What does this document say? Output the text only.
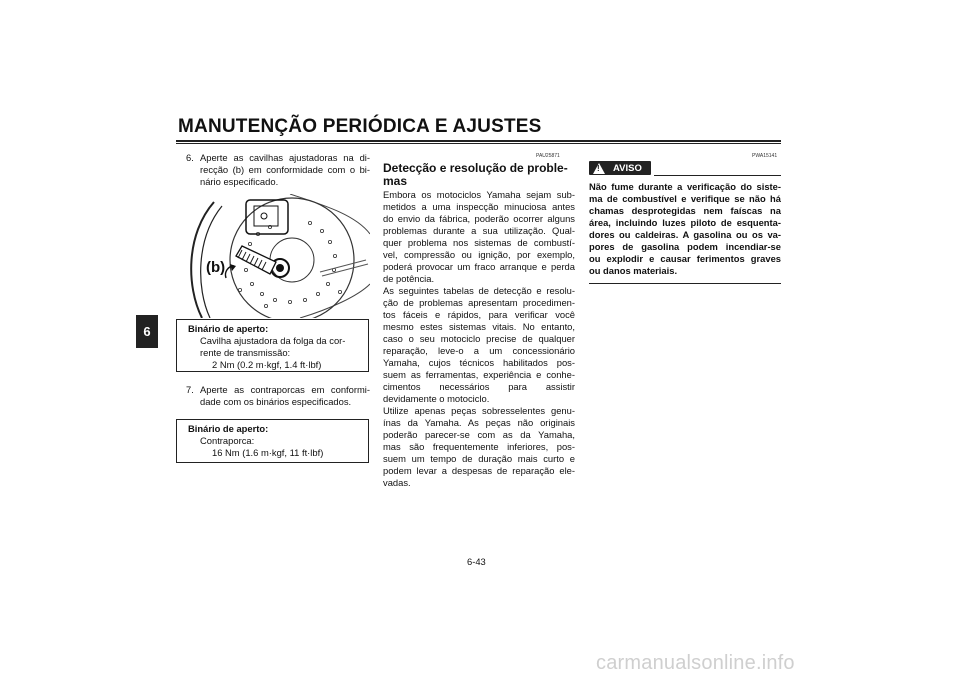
MANUTENÇÃO PERIÓDICA E AJUSTES
6
6. Aperte as cavilhas ajustadoras na di-

recção (b) em conformidade com o bi-

nário especificado.

(b)
Binário de aperto:
Cavilha ajustadora da folga da cor-
rente de transmissão:
2 Nm (0.2 m·kgf, 1.4 ft·lbf)
7. Aperte as contraporcas em conformi-

dade com os binários especificados.

Binário de aperto:
Contraporca:
16 Nm (1.6 m·kgf, 11 ft·lbf)
PAU25871
Detecção e resolução de proble-
mas

Embora os motociclos Yamaha sejam sub-

metidos a uma inspecção minuciosa antes

do envio da fábrica, poderão ocorrer alguns

problemas durante a sua utilização. Qual-

quer problema nos sistemas de combustí-

vel, compressão ou ignição, por exemplo,

poderá provocar um fraco arranque e perda

de potência.

As seguintes tabelas de detecção e resolu-

ção de problemas apresentam procedimen-

tos fáceis e rápidos, para verificar você

mesmo estes sistemas vitais. No entanto,

caso o seu motociclo precise de qualquer

reparação, leve-o a um concessionário

Yamaha, cujos técnicos habilitados pos-

suem as ferramentas, experiência e conhe-

cimentos necessários para assistir

devidamente o motociclo.

Utilize apenas peças sobresselentes genu-

ínas da Yamaha. As peças não originais

poderão parecer-se com as da Yamaha,

mas são frequentemente inferiores, pos-

suem um tempo de duração mais curto e

podem levar a despesas de reparação ele-

vadas.

PWA15141
! AVISO

Não fume durante a verificação do siste-

ma de combustível e verifique se não há

chamas desprotegidas nem faíscas na

área, incluindo luzes piloto de esquenta-

dores ou caldeiras. A gasolina ou os va-

pores de gasolina podem incendiar-se

ou explodir e causar ferimentos graves

ou danos materiais.

6-43
carmanualsonline.info
